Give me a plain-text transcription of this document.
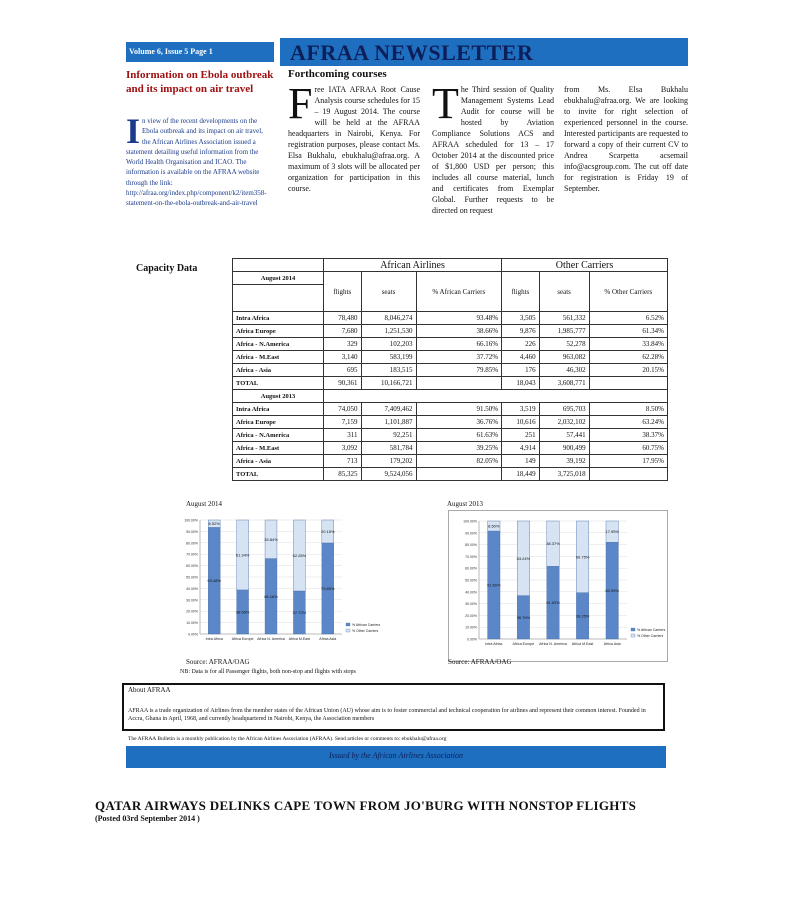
Volume 6, Issue 5 Page 1	AFRAA NEWSLETTER
Information on Ebola outbreak and its impact on air travel
In view of the recent developments on the Ebola outbreak and its impact on air travel, the African Airlines Association issued a statement detailing useful information from the World Health Organisation and ICAO. The information is available on the AFRAA website through the link: http://afraa.org/index.php/component/k2/item358-statement-on-the-ebola-outbreak-and-air-travel
Forthcoming courses
Free IATA AFRAA Root Cause Analysis course schedules for 15 – 19 August 2014. The course will be held at the AFRAA headquarters in Nairobi, Kenya. For registration purposes, please contact Ms. Elsa Bukhalu, ebukhalu@afraa.org. A maximum of 3 slots will be allocated per organization for participation in this course.
The Third session of Quality Management Systems Lead Audit for course will be hosted by Aviation Compliance Solutions ACS and AFRAA scheduled for 13 – 17 October 2014 at the discounted price of $1,800 USD per person; this includes all course material, lunch and certificates from Exemplar Global. Further requests to be directed on request
from Ms. Elsa Bukhalu ebukhalu@afraa.org. We are looking to invite for right selection of experienced personnel in the course. Interested participants are requested to forward a copy of their current CV to Andrea Scarpetta acsemail info@acsgroup.com. The cut off date for registration is Friday 19 of September.
Capacity Data
		African Airlines			Other Carriers		
August 2014	flights	seats	% African Carriers	flights	seats	% Other Carriers

Intra Africa	78,480	8,046,274	93.48%	3,505	561,332	6.52%
Africa Europe	7,680	1,251,530	38.66%	9,876	1,985,777	61.34%
Africa - N.America	329	102,203	66.16%	226	52,278	33.84%
Africa - M.East	3,140	583,199	37.72%	4,460	963,082	62.28%
Africa - Asia	695	183,515	79.85%	176	46,302	20.15%
TOTAL	90,361	10,166,721		18,043	3,608,771	
August 2013						
Intra Africa	74,050	7,409,462	91.50%	3,519	695,703	8.50%
Africa Europe	7,159	1,101,887	36.76%	10,616	2,032,102	63.24%
Africa - N.America	311	92,251	61.63%	251	57,441	38.37%
Africa - M.East	3,092	581,784	39.25%	4,914	900,499	60.75%
Africa - Asia	713	179,202	82.05%	149	39,192	17.95%
TOTAL	85,325	9,524,056		18,449	3,725,018	
August 2014	August 2013
0.00%
10.00%
20.00%
30.00%
40.00%
50.00%
60.00%
70.00%
80.00%
90.00%
100.00%
93.48%
6.52%
Intra Africa
38.66%
61.34%
Africa Europe
66.16%
33.84%
Africa N. America
37.72%
62.28%
Africa M.East
79.85%
20.15%
Africa Asia
% African Carriers
% Other Carriers
0.00%
10.00%
20.00%
30.00%
40.00%
50.00%
60.00%
70.00%
80.00%
90.00%
100.00%
91.50%
8.50%
Intra Africa
36.76%
63.24%
Africa Europe
61.63%
38.37%
Africa N. America
39.25%
60.75%
Africa M.East
82.05%
17.95%
Africa Asia
% African Carriers
% Other Carriers
Source: AFRAA/OAG	Source: AFRAA/OAG
NB: Data is for all Passenger flights, both non-stop and flights with stops
About AFRAA
AFRAA is a trade organization of Airlines from the member states of the African Union (AU) whose aim is to foster commercial and technical cooperation for airlines and represent their common interest. Founded in Accra, Ghana in April, 1968, and currently headquartered in Nairobi, Kenya, the Association members
The AFRAA Bulletin is a monthly publication by the African Airlines Association (AFRAA). Send articles or comments to: ebukhalu@afraa.org
Issued by the African Airlines Association
QATAR AIRWAYS DELINKS CAPE TOWN FROM JO'BURG WITH NONSTOP FLIGHTS
(Posted 03rd September 2014 )
